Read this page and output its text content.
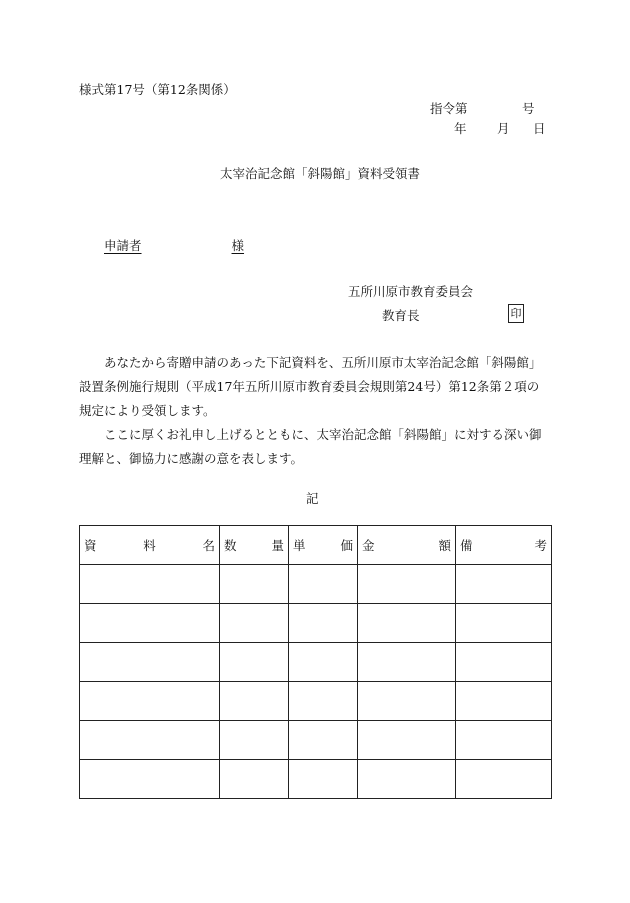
様式第17号（第12条関係）
指令第	号
年 月 日
太宰治記念館「斜陽館」資料受領書
申請者	様
五所川原市教育委員会
教育長	印

あなたから寄贈申請のあった下記資料を、五所川原市太宰治記念館「斜陽館」設置条例施行規則（平成17年五所川原市教育委員会規則第24号）第12条第２項の規定により受領します。

ここに厚くお礼申し上げるとともに、太宰治記念館「斜陽館」に対する深い御理解と、御協力に感謝の意を表します。

記
資 料 名	数 量	単 価	金 額	備 考
